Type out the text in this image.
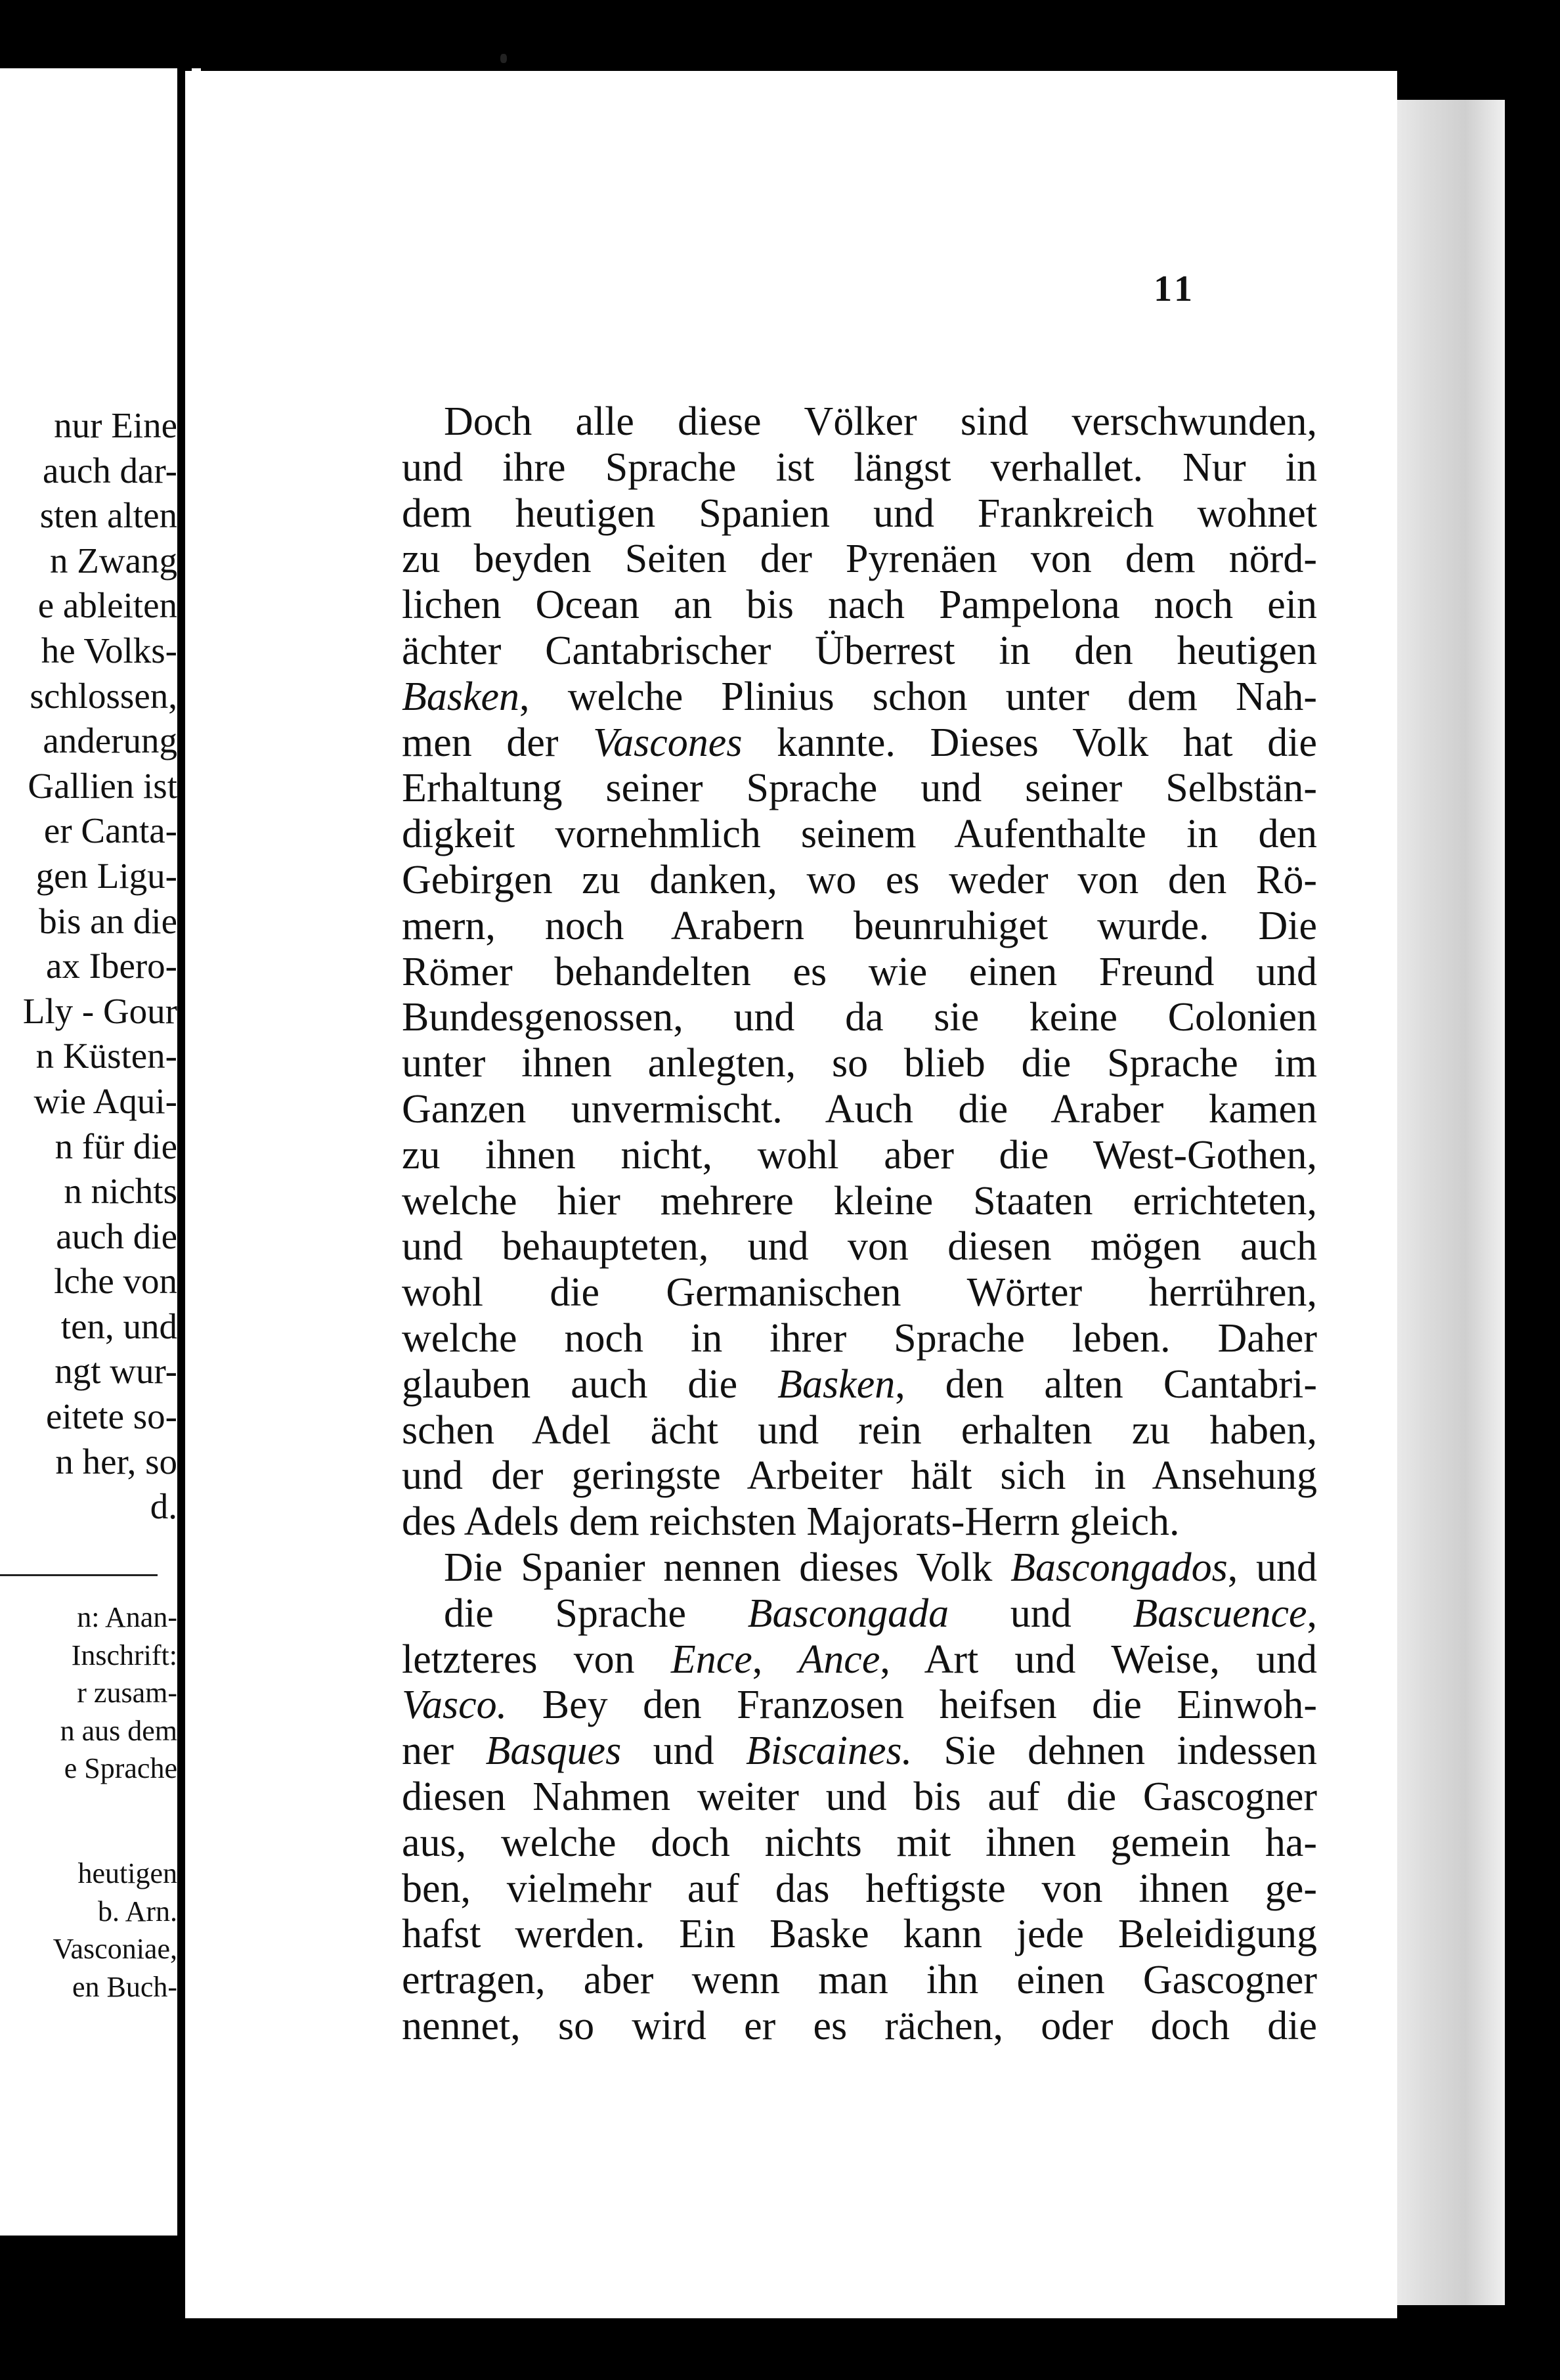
nur Eine
auch dar-
sten alten
n Zwang
e ableiten
he Volks-
schlossen,
anderung
Gallien ist
er Canta-
gen Ligu-
bis an die
ax Ibero-
Lly - Gour
n Küsten-
wie Aqui-
n für die
n nichts
auch die
lche von
ten, und
ngt wur-
eitete so-
n her, so
d.
n: Anan-
Inschrift:
r zusam-
n aus dem
e Sprache
heutigen
b. Arn.
Vasconiae,
en Buch-
11
Doch alle diese Völker sind verschwunden,
und ihre Sprache ist längst verhallet. Nur in
dem heutigen Spanien und Frankreich wohnet
zu beyden Seiten der Pyrenäen von dem nörd-
lichen Ocean an bis nach Pampelona noch ein
ächter Cantabrischer Überrest in den heutigen
Basken, welche Plinius schon unter dem Nah-
men der Vascones kannte. Dieses Volk hat die
Erhaltung seiner Sprache und seiner Selbstän-
digkeit vornehmlich seinem Aufenthalte in den
Gebirgen zu danken, wo es weder von den Rö-
mern, noch Arabern beunruhiget wurde. Die
Römer behandelten es wie einen Freund und
Bundesgenossen, und da sie keine Colonien
unter ihnen anlegten, so blieb die Sprache im
Ganzen unvermischt. Auch die Araber kamen
zu ihnen nicht, wohl aber die West-Gothen,
welche hier mehrere kleine Staaten errichteten,
und behaupteten, und von diesen mögen auch
wohl die Germanischen Wörter herrühren,
welche noch in ihrer Sprache leben. Daher
glauben auch die Basken, den alten Cantabri-
schen Adel ächt und rein erhalten zu haben,
und der geringste Arbeiter hält sich in Ansehung
des Adels dem reichsten Majorats-Herrn gleich.
Die Spanier nennen dieses Volk Bascongados, und die Sprache Bascongada und Bascuence,
letzteres von Ence, Ance, Art und Weise, und
Vasco. Bey den Franzosen heifsen die Einwoh-
ner Basques und Biscaines. Sie dehnen indessen
diesen Nahmen weiter und bis auf die Gascogner
aus, welche doch nichts mit ihnen gemein ha-
ben, vielmehr auf das heftigste von ihnen ge-
hafst werden. Ein Baske kann jede Beleidigung
ertragen, aber wenn man ihn einen Gascogner
nennet, so wird er es rächen, oder doch die
